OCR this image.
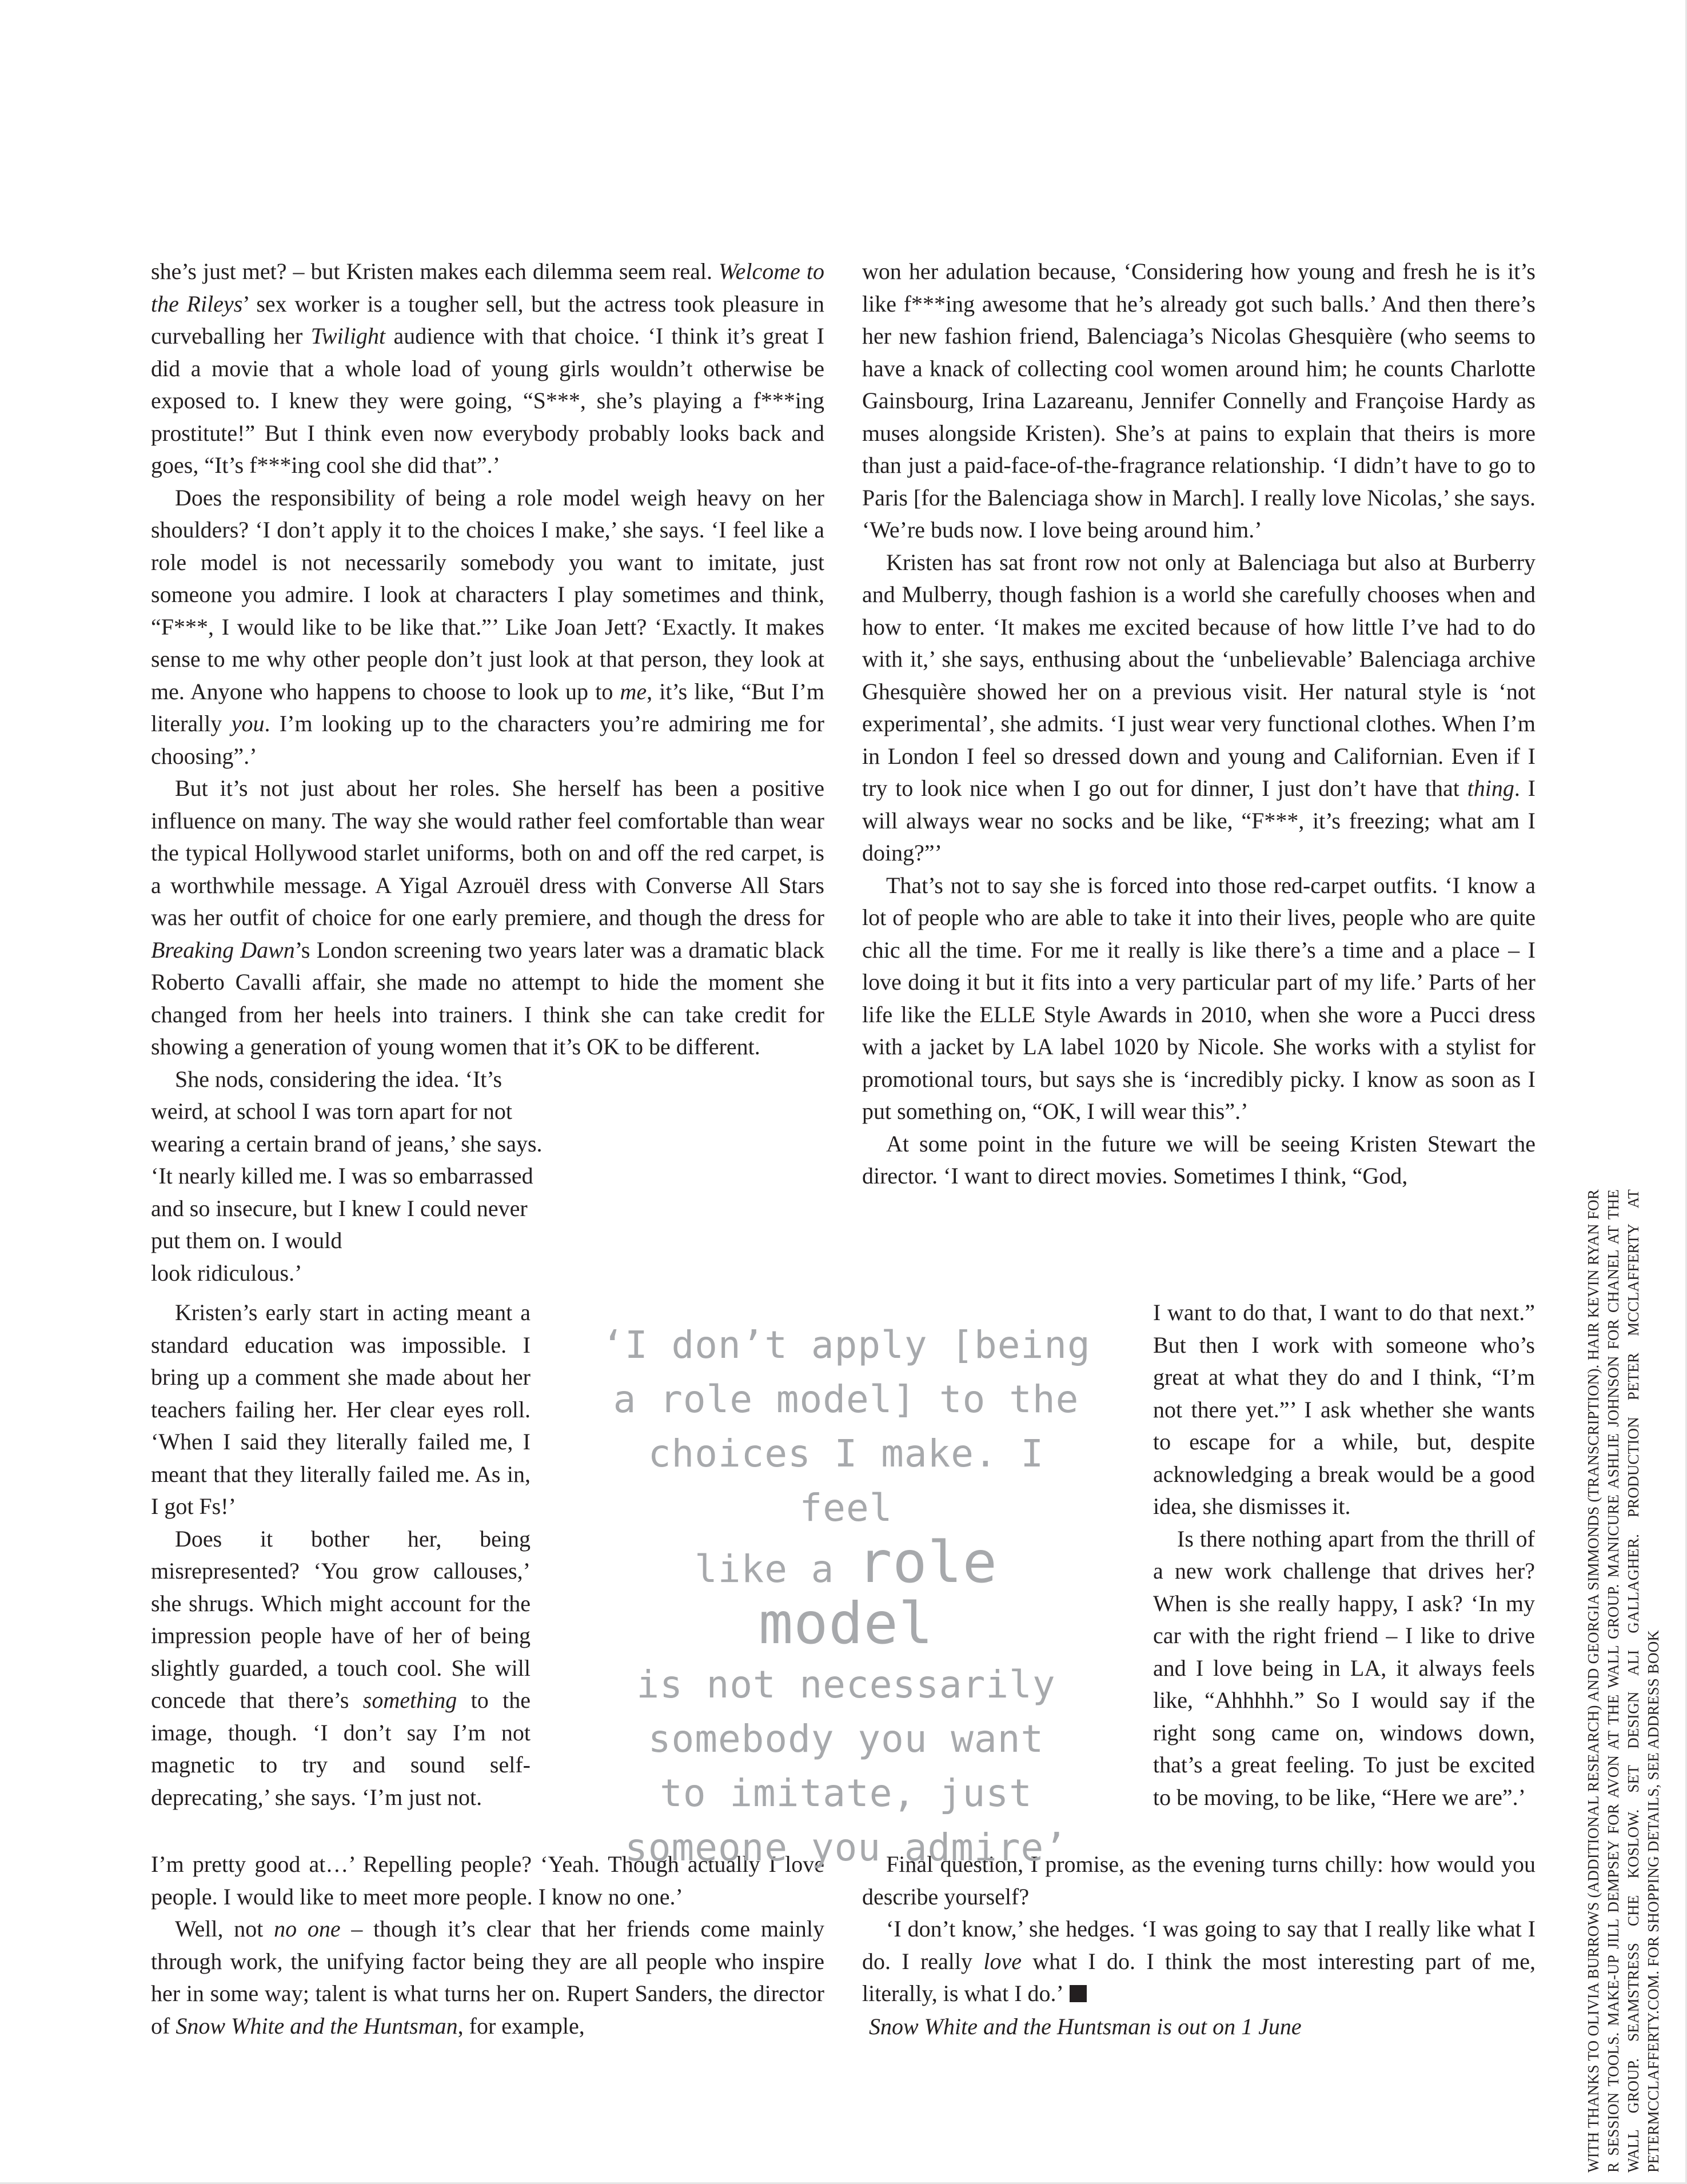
she’s just met? – but Kristen makes each dilemma seem real. Welcome to the Rileys’ sex worker is a tougher sell, but the actress took pleasure in curveballing her Twilight audience with that choice. ‘I think it’s great I did a movie that a whole load of young girls wouldn’t otherwise be exposed to. I knew they were going, “S***, she’s playing a f***ing prostitute!” But I think even now everybody probably looks back and goes, “It’s f***ing cool she did that”.’

Does the responsibility of being a role model weigh heavy on her shoulders? ‘I don’t apply it to the choices I make,’ she says. ‘I feel like a role model is not necessarily somebody you want to imitate, just someone you admire. I look at characters I play sometimes and think, “F***, I would like to be like that.”’ Like Joan Jett? ‘Exactly. It makes sense to me why other people don’t just look at that person, they look at me. Anyone who happens to choose to look up to me, it’s like, “But I’m literally you. I’m looking up to the characters you’re admiring me for choosing”.’

But it’s not just about her roles. She herself has been a positive influence on many. The way she would rather feel comfortable than wear the typical Hollywood starlet uniforms, both on and off the red carpet, is a worthwhile message. A Yigal Azrouël dress with Converse All Stars was her outfit of choice for one early premiere, and though the dress for Breaking Dawn’s London screening two years later was a dramatic black Roberto Cavalli affair, she made no attempt to hide the moment she changed from her heels into trainers. I think she can take credit for showing a generation of young women that it’s OK to be different.

She nods, considering the idea. ‘It’s weird, at school I was torn apart for not wearing a certain brand of jeans,’ she says. ‘It nearly killed me. I was so embarrassed and so insecure, but I knew I could never put them on. I would

look ridiculous.’

Kristen’s early start in acting meant a standard education was impossible. I bring up a comment she made about her teachers failing her. Her clear eyes roll. ‘When I said they literally failed me, I meant that they literally failed me. As in, I got Fs!’

Does it bother her, being misrepresented? ‘You grow callouses,’ she shrugs. Which might account for the impression people have of her of being slightly guarded, a touch cool. She will concede that there’s something to the image, though. ‘I don’t say I’m not magnetic to try and sound self-deprecating,’ she says. ‘I’m just not.

I’m pretty good at…’ Repelling people? ‘Yeah. Though actually I love people. I would like to meet more people. I know no one.’

Well, not no one – though it’s clear that her friends come mainly through work, the unifying factor being they are all people who inspire her in some way; talent is what turns her on. Rupert Sanders, the director of Snow White and the Huntsman, for example,

won her adulation because, ‘Considering how young and fresh he is it’s like f***ing awesome that he’s already got such balls.’ And then there’s her new fashion friend, Balenciaga’s Nicolas Ghesquière (who seems to have a knack of collecting cool women around him; he counts Charlotte Gainsbourg, Irina Lazareanu, Jennifer Connelly and Françoise Hardy as muses alongside Kristen). She’s at pains to explain that theirs is more than just a paid-face-of-the-fragrance relationship. ‘I didn’t have to go to Paris [for the Balenciaga show in March]. I really love Nicolas,’ she says. ‘We’re buds now. I love being around him.’

Kristen has sat front row not only at Balenciaga but also at Burberry and Mulberry, though fashion is a world she carefully chooses when and how to enter. ‘It makes me excited because of how little I’ve had to do with it,’ she says, enthusing about the ‘unbelievable’ Balenciaga archive Ghesquière showed her on a previous visit. Her natural style is ‘not experimental’, she admits. ‘I just wear very functional clothes. When I’m in London I feel so dressed down and young and Californian. Even if I try to look nice when I go out for dinner, I just don’t have that thing. I will always wear no socks and be like, “F***, it’s freezing; what am I doing?”’

That’s not to say she is forced into those red-carpet outfits. ‘I know a lot of people who are able to take it into their lives, people who are quite chic all the time. For me it really is like there’s a time and a place – I love doing it but it fits into a very particular part of my life.’ Parts of her life like the ELLE Style Awards in 2010, when she wore a Pucci dress with a jacket by LA label 1020 by Nicole. She works with a stylist for promotional tours, but says she is ‘incredibly picky. I know as soon as I put something on, “OK, I will wear this”.’

At some point in the future we will be seeing Kristen Stewart the director. ‘I want to direct movies. Sometimes I think, “God,

I want to do that, I want to do that next.” But then I work with someone who’s great at what they do and I think, “I’m not there yet.”’ I ask whether she wants to escape for a while, but, despite acknowledging a break would be a good idea, she dismisses it.

Is there nothing apart from the thrill of a new work challenge that drives her? When is she really happy, I ask? ‘In my car with the right friend – I like to drive and I love being in LA, it always feels like, “Ahhhhh.” So I would say if the right song came on, windows down, that’s a great feeling. To just be excited to be moving, to be like, “Here we are”.’

Final question, I promise, as the evening turns chilly: how would you describe yourself?

‘I don’t know,’ she hedges. ‘I was going to say that I really like what I do. I really love what I do. I think the most interesting part of me, literally, is what I do.’

‘I don’t apply [being
a role model] to the
choices I make. I feel
like a role model
is not necessarily
somebody you want
to imitate, just
someone you admire’
Snow White and the Huntsman is out on 1 June	WITH THANKS TO OLIVIA BURROWS (ADDITIONAL RESEARCH) AND GEORGIA SIMMONDS (TRANSCRIPTION). HAIR KEVIN RYAN FOR R SESSION TOOLS. MAKE-UP JILL DEMPSEY FOR AVON AT THE WALL GROUP. MANICURE ASHLIE JOHNSON FOR CHANEL AT THE WALL GROUP. SEAMSTRESS CHE KOSLOW. SET DESIGN ALI GALLAGHER. PRODUCTION PETER MCCLAFFERTY AT PETERMCCLAFFERTY.COM. FOR SHOPPING DETAILS, SEE ADDRESS BOOK
